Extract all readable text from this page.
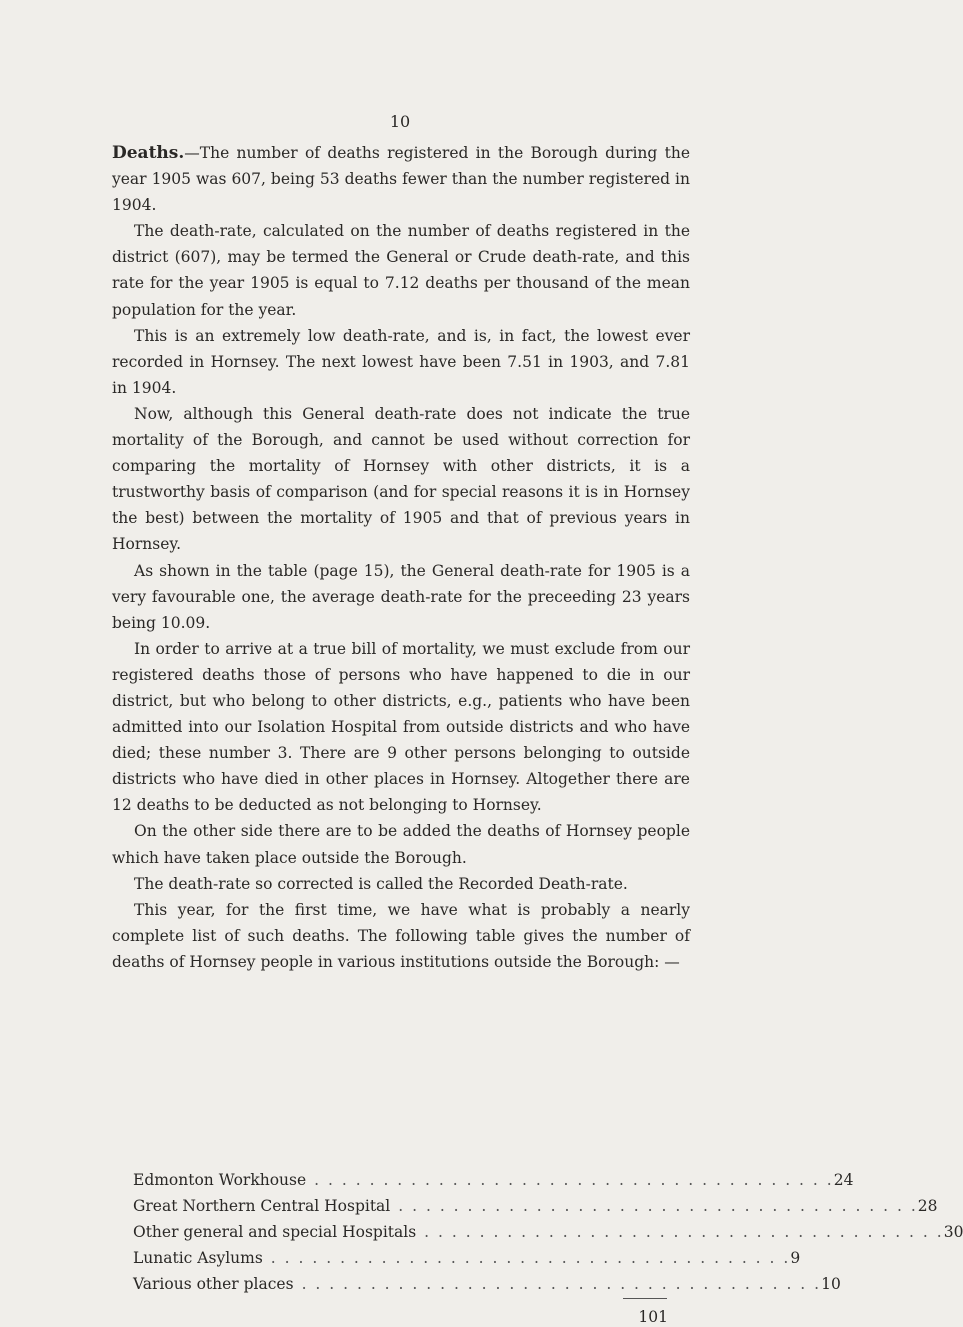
10

Deaths.—The number of deaths registered in the Borough during the year 1905 was 607, being 53 deaths fewer than the number registered in 1904.

The death-rate, calculated on the number of deaths registered in the district (607), may be termed the General or Crude death-rate, and this rate for the year 1905 is equal to 7.12 deaths per thousand of the mean population for the year.

This is an extremely low death-rate, and is, in fact, the lowest ever recorded in Hornsey. The next lowest have been 7.51 in 1903, and 7.81 in 1904.

Now, although this General death-rate does not indicate the true mortality of the Borough, and cannot be used without correction for comparing the mortality of Hornsey with other districts, it is a trustworthy basis of comparison (and for special reasons it is in Hornsey the best) between the mortality of 1905 and that of previous years in Hornsey.

As shown in the table (page 15), the General death-rate for 1905 is a very favourable one, the average death-rate for the preceeding 23 years being 10.09.

In order to arrive at a true bill of mortality, we must exclude from our registered deaths those of persons who have happened to die in our district, but who belong to other districts, e.g., patients who have been admitted into our Isolation Hospital from outside districts and who have died; these number 3. There are 9 other persons belonging to outside districts who have died in other places in Hornsey. Altogether there are 12 deaths to be deducted as not belonging to Hornsey.

On the other side there are to be added the deaths of Hornsey people which have taken place outside the Borough.

The death-rate so corrected is called the Recorded Death-rate.

This year, for the first time, we have what is probably a nearly complete list of such deaths. The following table gives the number of deaths of Hornsey people in various institutions outside the Borough: —

Edmonton Workhouse . . . . . . . . . . . . . . . . . . . . . . . . . . . . . . . . . . . . . . 24
Great Northern Central Hospital . . . . . . . . . . . . . . . . . . . . . . . . . . . . . . . . . . . . . . 28
Other general and special Hospitals . . . . . . . . . . . . . . . . . . . . . . . . . . . . . . . . . . . . . . 30
Lunatic Asylums . . . . . . . . . . . . . . . . . . . . . . . . . . . . . . . . . . . . . . 9
Various other places . . . . . . . . . . . . . . . . . . . . . . . . . . . . . . . . . . . . . . 10
101
